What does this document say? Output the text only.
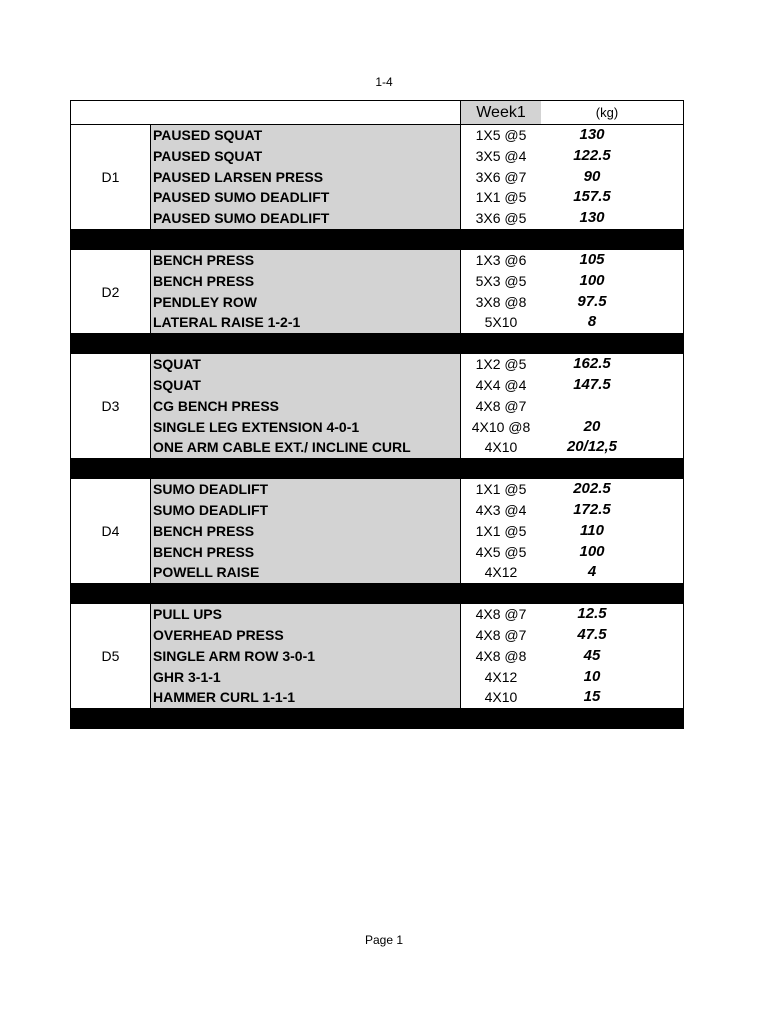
1-4
Week1	(kg)
D1
PAUSED SQUAT	1X5 @5	130
PAUSED SQUAT	3X5 @4	122.5
PAUSED LARSEN PRESS	3X6 @7	90
PAUSED SUMO DEADLIFT	1X1 @5	157.5
PAUSED SUMO DEADLIFT	3X6 @5	130
D2
BENCH PRESS	1X3 @6	105
BENCH PRESS	5X3 @5	100
PENDLEY ROW	3X8 @8	97.5
LATERAL RAISE 1-2-1	5X10	8
D3
SQUAT	1X2 @5	162.5
SQUAT	4X4 @4	147.5
CG BENCH PRESS	4X8 @7
SINGLE LEG EXTENSION 4-0-1	4X10 @8	20
ONE ARM CABLE EXT./ INCLINE CURL	4X10	20/12,5
D4
SUMO DEADLIFT	1X1 @5	202.5
SUMO DEADLIFT	4X3 @4	172.5
BENCH PRESS	1X1 @5	110
BENCH PRESS	4X5 @5	100
POWELL RAISE	4X12	4
D5
PULL UPS	4X8 @7	12.5
OVERHEAD PRESS	4X8 @7	47.5
SINGLE ARM ROW 3-0-1	4X8 @8	45
GHR 3-1-1	4X12	10
HAMMER CURL 1-1-1	4X10	15
Page 1
